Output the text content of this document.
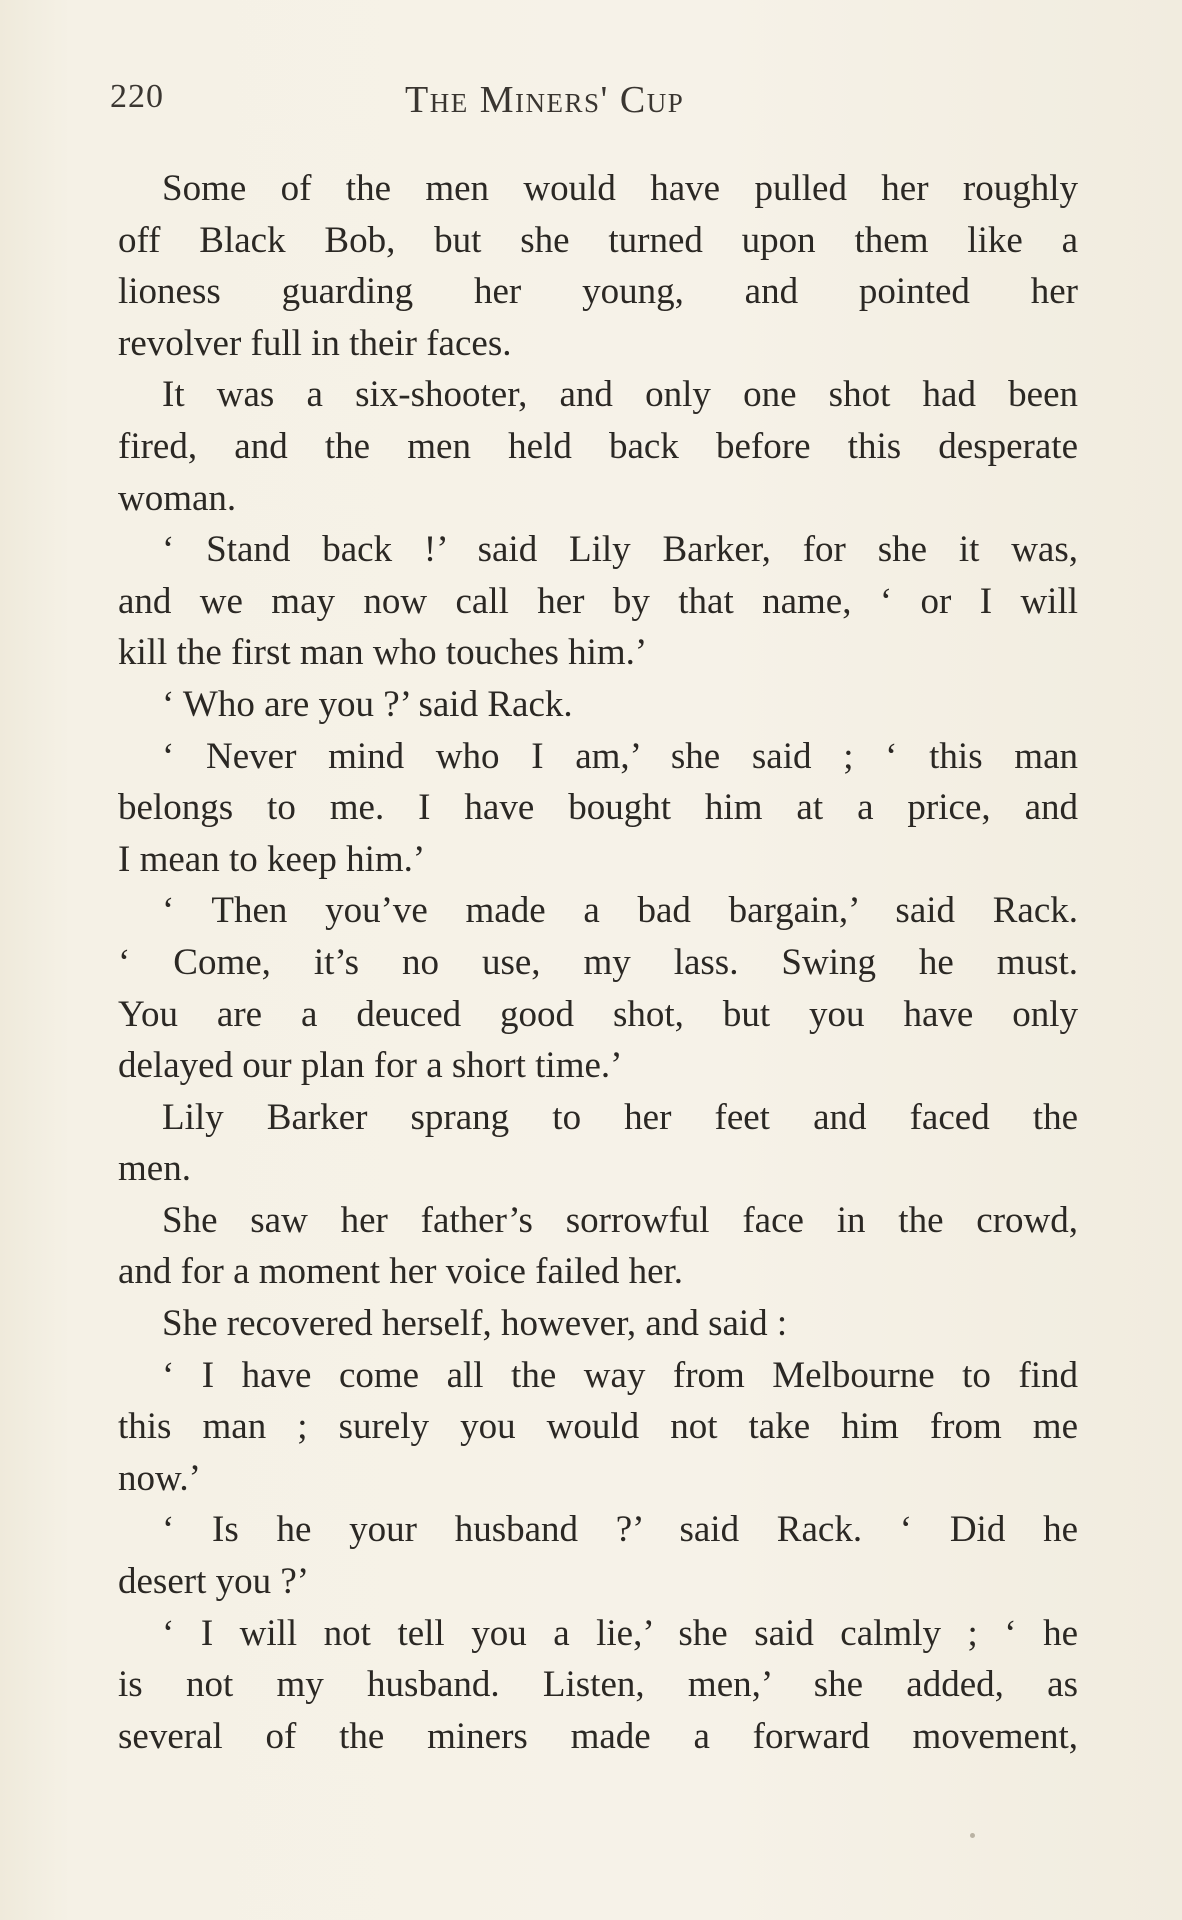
220	The Miners' Cup
Some of the men would have pulled her roughly
off Black Bob, but she turned upon them like a
lioness guarding her young, and pointed her
revolver full in their faces.
It was a six-shooter, and only one shot had been
fired, and the men held back before this desperate
woman.
‘ Stand back !’ said Lily Barker, for she it was,
and we may now call her by that name, ‘ or I will
kill the first man who touches him.’
‘ Who are you ?’ said Rack.
‘ Never mind who I am,’ she said ; ‘ this man
belongs to me. I have bought him at a price, and
I mean to keep him.’
‘ Then you’ve made a bad bargain,’ said Rack.
‘ Come, it’s no use, my lass. Swing he must.
You are a deuced good shot, but you have only
delayed our plan for a short time.’
Lily Barker sprang to her feet and faced the
men.
She saw her father’s sorrowful face in the crowd,
and for a moment her voice failed her.
She recovered herself, however, and said :
‘ I have come all the way from Melbourne to find
this man ; surely you would not take him from me
now.’
‘ Is he your husband ?’ said Rack. ‘ Did he
desert you ?’
‘ I will not tell you a lie,’ she said calmly ; ‘ he
is not my husband. Listen, men,’ she added, as
several of the miners made a forward movement,
